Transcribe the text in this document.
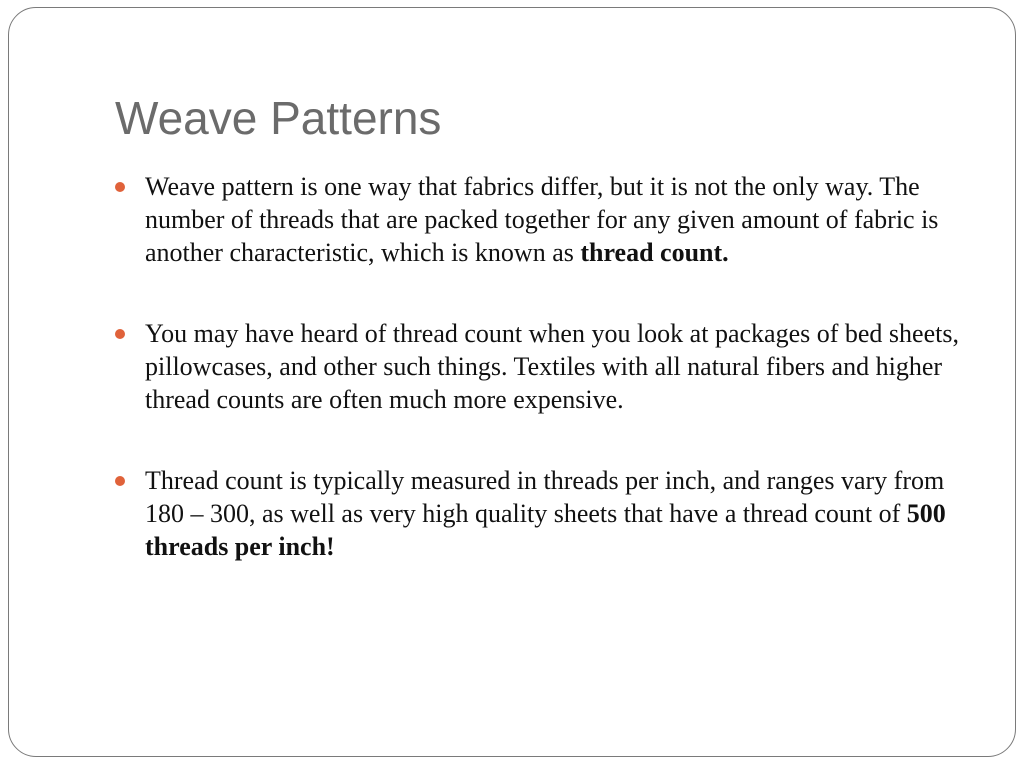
Weave Patterns
Weave pattern is one way that fabrics differ, but it is not the only way. The number of threads that are packed together for any given amount of fabric is another characteristic, which is known as thread count.
You may have heard of thread count when you look at packages of bed sheets, pillowcases, and other such things. Textiles with all natural fibers and higher thread counts are often much more expensive.
Thread count is typically measured in threads per inch, and ranges vary from 180 – 300, as well as very high quality sheets that have a thread count of 500 threads per inch!
